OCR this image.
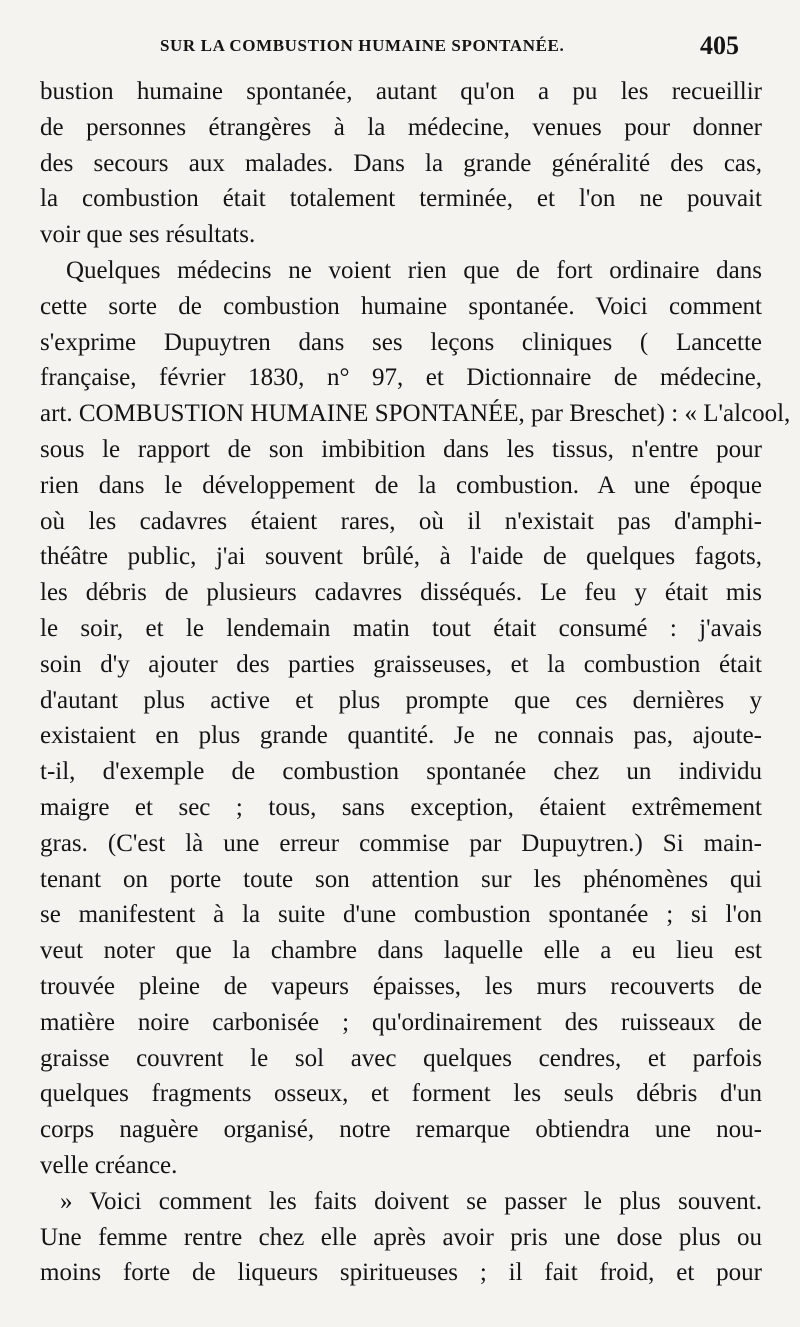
SUR LA COMBUSTION HUMAINE SPONTANÉE.	405
bustion humaine spontanée, autant qu'on a pu les recueillir
de personnes étrangères à la médecine, venues pour donner
des secours aux malades. Dans la grande généralité des cas,
la combustion était totalement terminée, et l'on ne pouvait
voir que ses résultats.
Quelques médecins ne voient rien que de fort ordinaire dans
cette sorte de combustion humaine spontanée. Voici comment
s'exprime Dupuytren dans ses leçons cliniques ( Lancette
française, février 1830, n° 97, et Dictionnaire de médecine,
art. COMBUSTION HUMAINE SPONTANÉE, par Breschet) : « L'alcool,
sous le rapport de son imbibition dans les tissus, n'entre pour
rien dans le développement de la combustion. A une époque
où les cadavres étaient rares, où il n'existait pas d'amphi-
théâtre public, j'ai souvent brûlé, à l'aide de quelques fagots,
les débris de plusieurs cadavres disséqués. Le feu y était mis
le soir, et le lendemain matin tout était consumé : j'avais
soin d'y ajouter des parties graisseuses, et la combustion était
d'autant plus active et plus prompte que ces dernières y
existaient en plus grande quantité. Je ne connais pas, ajoute-
t-il, d'exemple de combustion spontanée chez un individu
maigre et sec ; tous, sans exception, étaient extrêmement
gras. (C'est là une erreur commise par Dupuytren.) Si main-
tenant on porte toute son attention sur les phénomènes qui
se manifestent à la suite d'une combustion spontanée ; si l'on
veut noter que la chambre dans laquelle elle a eu lieu est
trouvée pleine de vapeurs épaisses, les murs recouverts de
matière noire carbonisée ; qu'ordinairement des ruisseaux de
graisse couvrent le sol avec quelques cendres, et parfois
quelques fragments osseux, et forment les seuls débris d'un
corps naguère organisé, notre remarque obtiendra une nou-
velle créance.
» Voici comment les faits doivent se passer le plus souvent.
Une femme rentre chez elle après avoir pris une dose plus ou
moins forte de liqueurs spiritueuses ; il fait froid, et pour
